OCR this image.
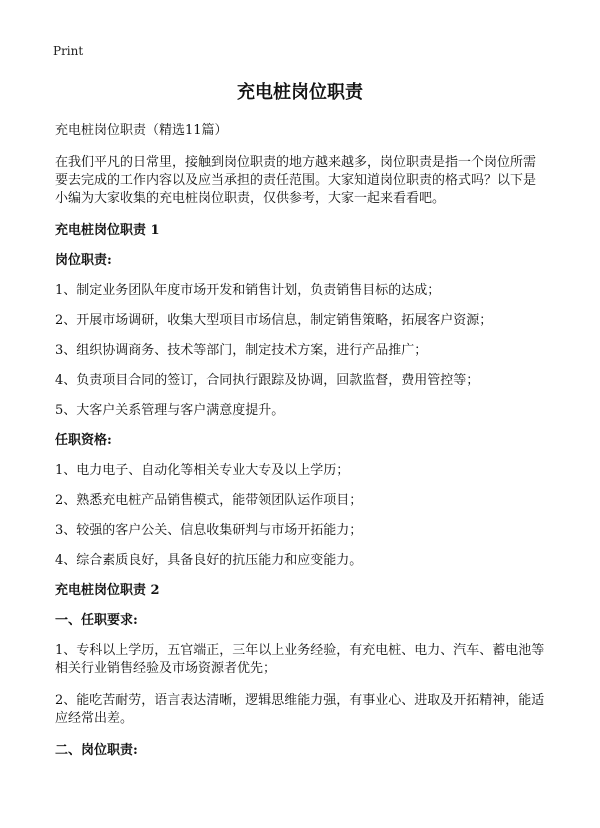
Print
充电桩岗位职责
充电桩岗位职责（精选11篇）
在我们平凡的日常里，接触到岗位职责的地方越来越多，岗位职责是指一个岗位所需要去完成的工作内容以及应当承担的责任范围。大家知道岗位职责的格式吗？以下是小编为大家收集的充电桩岗位职责，仅供参考，大家一起来看看吧。
充电桩岗位职责 1
岗位职责:
1、制定业务团队年度市场开发和销售计划，负责销售目标的达成；
2、开展市场调研，收集大型项目市场信息，制定销售策略，拓展客户资源；
3、组织协调商务、技术等部门，制定技术方案，进行产品推广；
4、负责项目合同的签订，合同执行跟踪及协调，回款监督，费用管控等；
5、大客户关系管理与客户满意度提升。
任职资格:
1、电力电子、自动化等相关专业大专及以上学历；
2、熟悉充电桩产品销售模式，能带领团队运作项目；
3、较强的客户公关、信息收集研判与市场开拓能力；
4、综合素质良好，具备良好的抗压能力和应变能力。
充电桩岗位职责 2
一、任职要求:
1、专科以上学历，五官端正，三年以上业务经验，有充电桩、电力、汽车、蓄电池等相关行业销售经验及市场资源者优先；
2、能吃苦耐劳，语言表达清晰，逻辑思维能力强，有事业心、进取及开拓精神，能适应经常出差。
二、岗位职责:
